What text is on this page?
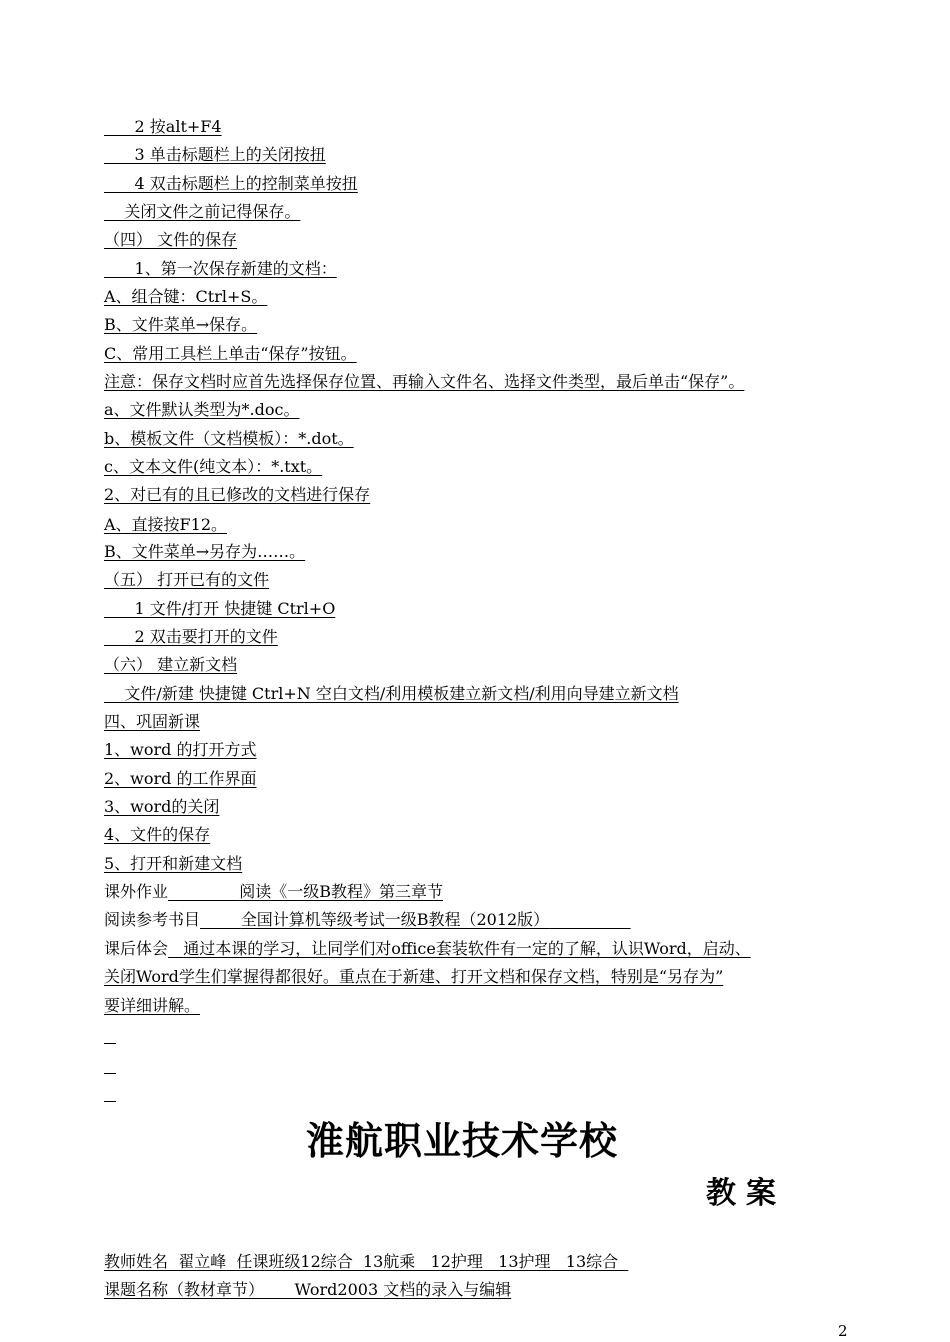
2 按alt+F4
3 单击标题栏上的关闭按扭
4 双击标题栏上的控制菜单按扭
关闭文件之前记得保存。
（四） 文件的保存
1、第一次保存新建的文档：
A、组合键：Ctrl+S。
B、文件菜单→保存。
C、常用工具栏上单击“保存”按钮。
注意：保存文档时应首先选择保存位置、再输入文件名、选择文件类型，最后单击“保存”。
a、文件默认类型为*.doc。
b、模板文件（文档模板）：*.dot。
c、文本文件(纯文本）：*.txt。
2、对已有的且已修改的文档进行保存
A、直接按F12。
B、文件菜单→另存为……。
（五） 打开已有的文件
1 文件/打开 快捷键 Ctrl+O
2 双击要打开的文件
（六） 建立新文档
文件/新建 快捷键 Ctrl+N 空白文档/利用模板建立新文档/利用向导建立新文档
四、巩固新课
1、word 的打开方式
2、word 的工作界面
3、word的关闭
4、文件的保存
5、打开和新建文档
课外作业	阅读《一级B教程》第三章节
阅读参考书目	全国计算机等级考试一级B教程（2012版）
课后体会 通过本课的学习，让同学们对office套装软件有一定的了解，认识Word，启动、
关闭Word学生们掌握得都很好。重点在于新建、打开文档和保存文档，特别是“另存为”
要详细讲解。
淮航职业技术学校
教案
教师姓名 翟立峰 任课班级12综合  13航乘   12护理   13护理   13综合
课题名称（教材章节） Word2003 文档的录入与编辑
2
